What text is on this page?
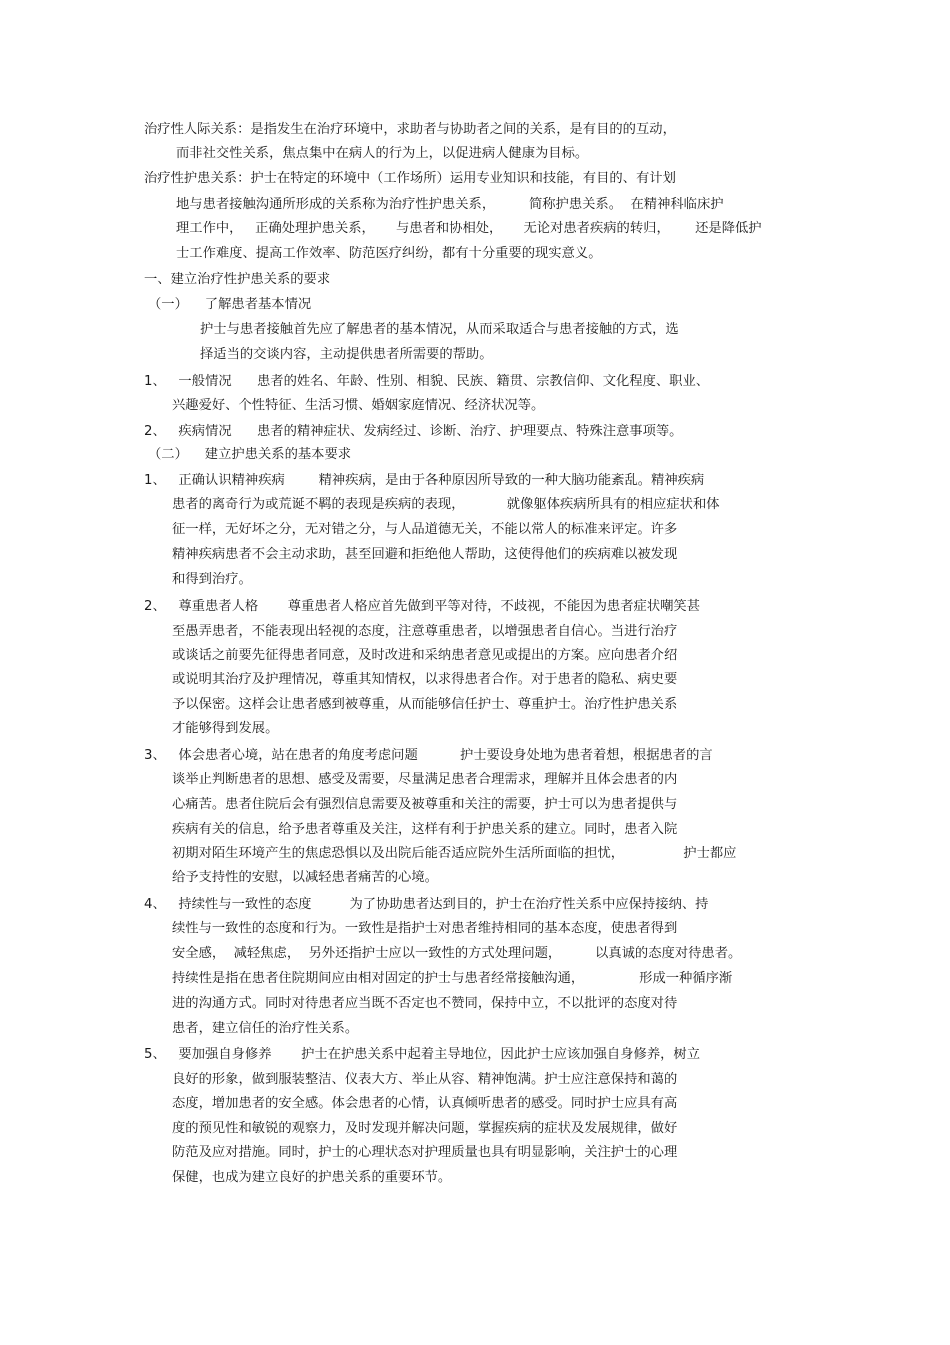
治疗性人际关系：是指发生在治疗环境中，求助者与协助者之间的关系，是有目的的互动，
而非社交性关系，焦点集中在病人的行为上，以促进病人健康为目标。
治疗性护患关系：护士在特定的环境中（工作场所）运用专业知识和技能，有目的、有计划
地与患者接触沟通所形成的关系称为治疗性护患关系，        简称护患关系。  在精神科临床护
理工作中，   正确处理护患关系，     与患者和协相处，     无论对患者疾病的转归，      还是降低护
士工作难度、提高工作效率、防范医疗纠纷，都有十分重要的现实意义。
一、建立治疗性护患关系的要求
（一）    了解患者基本情况
护士与患者接触首先应了解患者的基本情况，从而采取适合与患者接触的方式，选
择适当的交谈内容，主动提供患者所需要的帮助。
1、   一般情况      患者的姓名、年龄、性别、相貌、民族、籍贯、宗教信仰、文化程度、职业、
兴趣爱好、个性特征、生活习惯、婚姻家庭情况、经济状况等。
2、   疾病情况      患者的精神症状、发病经过、诊断、治疗、护理要点、特殊注意事项等。
（二）    建立护患关系的基本要求
1、   正确认识精神疾病        精神疾病，是由于各种原因所导致的一种大脑功能紊乱。精神疾病
患者的离奇行为或荒诞不羁的表现是疾病的表现，          就像躯体疾病所具有的相应症状和体
征一样，无好坏之分，无对错之分，与人品道德无关，不能以常人的标准来评定。许多
精神疾病患者不会主动求助，甚至回避和拒绝他人帮助，这使得他们的疾病难以被发现
和得到治疗。
2、   尊重患者人格       尊重患者人格应首先做到平等对待，不歧视，不能因为患者症状嘲笑甚
至愚弄患者，不能表现出轻视的态度，注意尊重患者，以增强患者自信心。当进行治疗
或谈话之前要先征得患者同意，及时改进和采纳患者意见或提出的方案。应向患者介绍
或说明其治疗及护理情况，尊重其知情权，以求得患者合作。对于患者的隐私、病史要
予以保密。这样会让患者感到被尊重，从而能够信任护士、尊重护士。治疗性护患关系
才能够得到发展。
3、   体会患者心境，站在患者的角度考虑问题          护士要设身处地为患者着想，根据患者的言
谈举止判断患者的思想、感受及需要，尽量满足患者合理需求，理解并且体会患者的内
心痛苦。患者住院后会有强烈信息需要及被尊重和关注的需要，护士可以为患者提供与
疾病有关的信息，给予患者尊重及关注，这样有利于护患关系的建立。同时，患者入院
初期对陌生环境产生的焦虑恐惧以及出院后能否适应院外生活所面临的担忧，              护士都应
给予支持性的安慰，以减轻患者痛苦的心境。
4、   持续性与一致性的态度         为了协助患者达到目的，护士在治疗性关系中应保持接纳、持
续性与一致性的态度和行为。一致性是指护士对患者维持相同的基本态度，使患者得到
安全感，  减轻焦虑，  另外还指护士应以一致性的方式处理问题，        以真诚的态度对待患者。
持续性是指在患者住院期间应由相对固定的护士与患者经常接触沟通，             形成一种循序渐
进的沟通方式。同时对待患者应当既不否定也不赞同，保持中立，不以批评的态度对待
患者，建立信任的治疗性关系。
5、   要加强自身修养       护士在护患关系中起着主导地位，因此护士应该加强自身修养，树立
良好的形象，做到服装整洁、仪表大方、举止从容、精神饱满。护士应注意保持和蔼的
态度，增加患者的安全感。体会患者的心情，认真倾听患者的感受。同时护士应具有高
度的预见性和敏锐的观察力，及时发现并解决问题，掌握疾病的症状及发展规律，做好
防范及应对措施。同时，护士的心理状态对护理质量也具有明显影响，关注护士的心理
保健，也成为建立良好的护患关系的重要环节。
